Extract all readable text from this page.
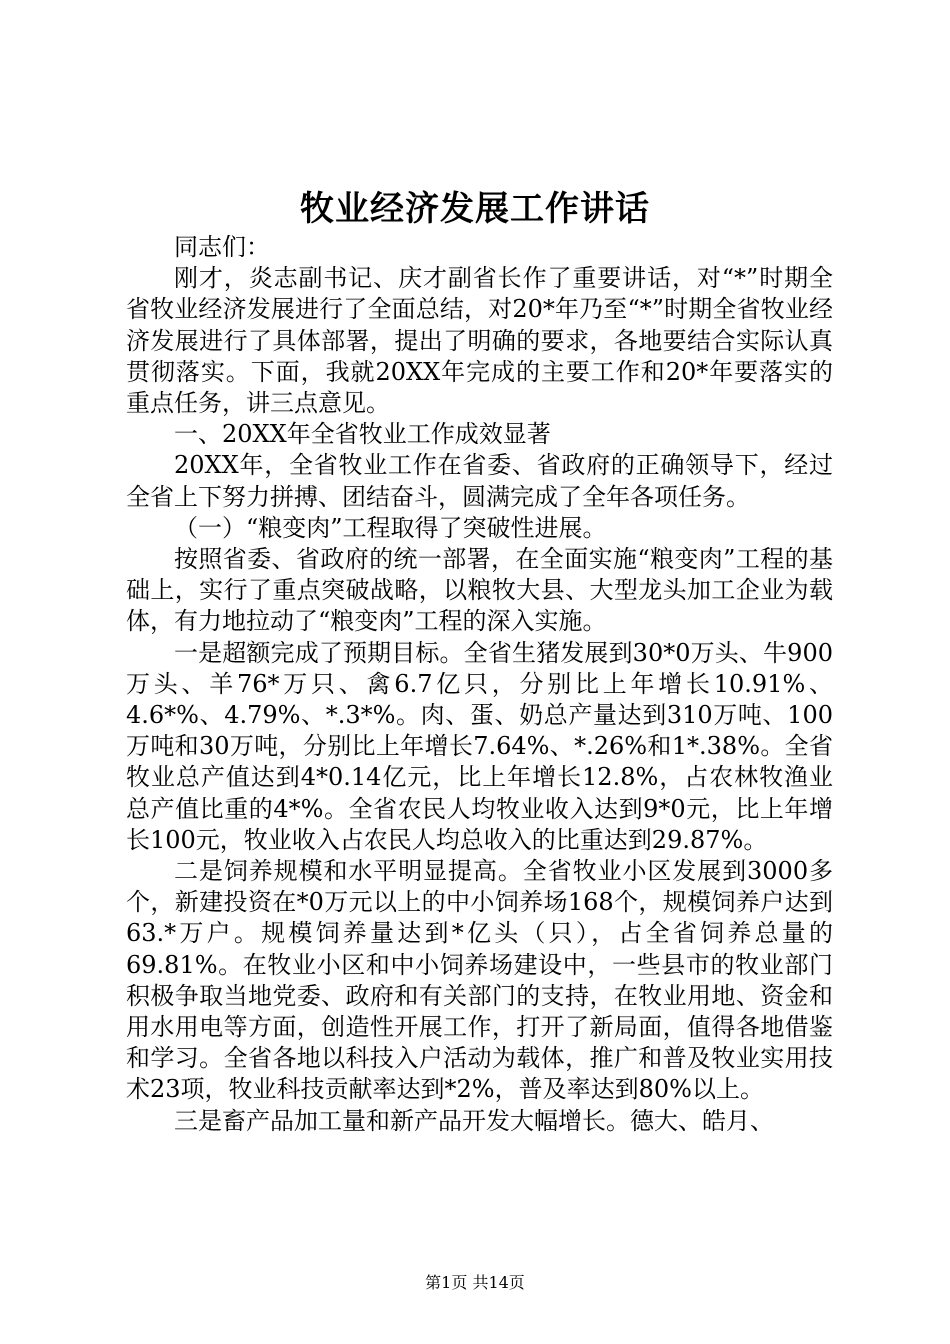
牧业经济发展工作讲话

同志们：

刚才，炎志副书记、庆才副省长作了重要讲话，对“*”时期全省牧业经济发展进行了全面总结，对20*年乃至“*”时期全省牧业经济发展进行了具体部署，提出了明确的要求，各地要结合实际认真贯彻落实。下面，我就20XX年完成的主要工作和20*年要落实的重点任务，讲三点意见。

一、20XX年全省牧业工作成效显著

20XX年，全省牧业工作在省委、省政府的正确领导下，经过全省上下努力拼搏、团结奋斗，圆满完成了全年各项任务。

（一）“粮变肉”工程取得了突破性进展。

按照省委、省政府的统一部署，在全面实施“粮变肉”工程的基础上，实行了重点突破战略，以粮牧大县、大型龙头加工企业为载体，有力地拉动了“粮变肉”工程的深入实施。

一是超额完成了预期目标。全省生猪发展到30*0万头、牛900万头、羊76*万只、禽6.7亿只，分别比上年增长10.91%、4.6*%、4.79%、*.3*%。肉、蛋、奶总产量达到310万吨、100万吨和30万吨，分别比上年增长7.64%、*.26%和1*.38%。全省牧业总产值达到4*0.14亿元，比上年增长12.8%，占农林牧渔业总产值比重的4*%。全省农民人均牧业收入达到9*0元，比上年增长100元，牧业收入占农民人均总收入的比重达到29.87%。

二是饲养规模和水平明显提高。全省牧业小区发展到3000多个，新建投资在*0万元以上的中小饲养场168个，规模饲养户达到63.*万户。规模饲养量达到*亿头（只），占全省饲养总量的69.81%。在牧业小区和中小饲养场建设中，一些县市的牧业部门积极争取当地党委、政府和有关部门的支持，在牧业用地、资金和用水用电等方面，创造性开展工作，打开了新局面，值得各地借鉴和学习。全省各地以科技入户活动为载体，推广和普及牧业实用技术23项，牧业科技贡献率达到*2%，普及率达到80%以上。

三是畜产品加工量和新产品开发大幅增长。德大、皓月、

第1页 共14页
